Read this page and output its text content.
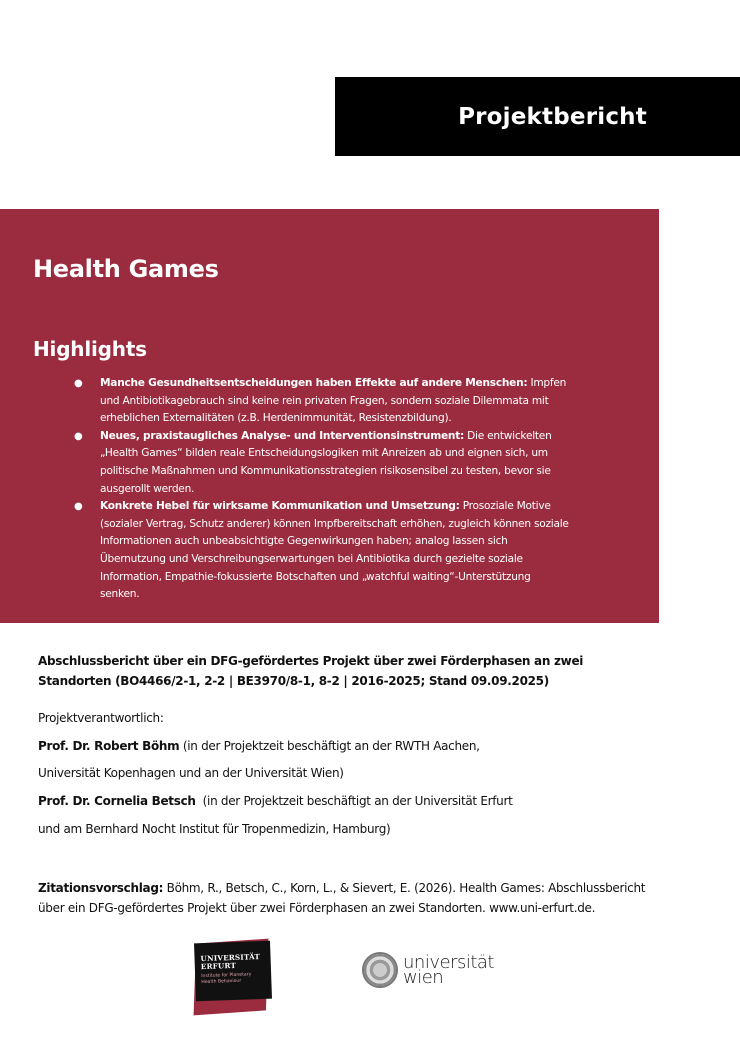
Projektbericht
Health Games
Highlights
● Manche Gesundheitsentscheidungen haben Effekte auf andere Menschen: Impfen und Antibiotikagebrauch sind keine rein privaten Fragen, sondern soziale Dilemmata mit erheblichen Externalitäten (z.B. Herdenimmunität, Resistenzbildung).
● Neues, praxistaugliches Analyse- und Interventionsinstrument: Die entwickelten „Health Games“ bilden reale Entscheidungslogiken mit Anreizen ab und eignen sich, um politische Maßnahmen und Kommunikationsstrategien risikosensibel zu testen, bevor sie ausgerollt werden.
● Konkrete Hebel für wirksame Kommunikation und Umsetzung: Prosoziale Motive (sozialer Vertrag, Schutz anderer) können Impfbereitschaft erhöhen, zugleich können soziale Informationen auch unbeabsichtigte Gegenwirkungen haben; analog lassen sich Übernutzung und Verschreibungserwartungen bei Antibiotika durch gezielte soziale Information, Empathie-fokussierte Botschaften und „watchful waiting“-Unterstützung senken.
Abschlussbericht über ein DFG-gefördertes Projekt über zwei Förderphasen an zwei Standorten (BO4466/2-1, 2-2 | BE3970/8-1, 8-2 | 2016-2025; Stand 09.09.2025)
Projektverantwortlich:
Prof. Dr. Robert Böhm (in der Projektzeit beschäftigt an der RWTH Aachen,
Universität Kopenhagen und an der Universität Wien)
Prof. Dr. Cornelia Betsch  (in der Projektzeit beschäftigt an der Universität Erfurt
und am Bernhard Nocht Institut für Tropenmedizin, Hamburg)
Zitationsvorschlag: Böhm, R., Betsch, C., Korn, L., & Sievert, E. (2026). Health Games: Abschlussbericht über ein DFG-gefördertes Projekt über zwei Förderphasen an zwei Standorten. www.uni-erfurt.de.
UNIVERSITÄT
ERFURT
Institute for Planetary
Health Behaviour
universität
wien
